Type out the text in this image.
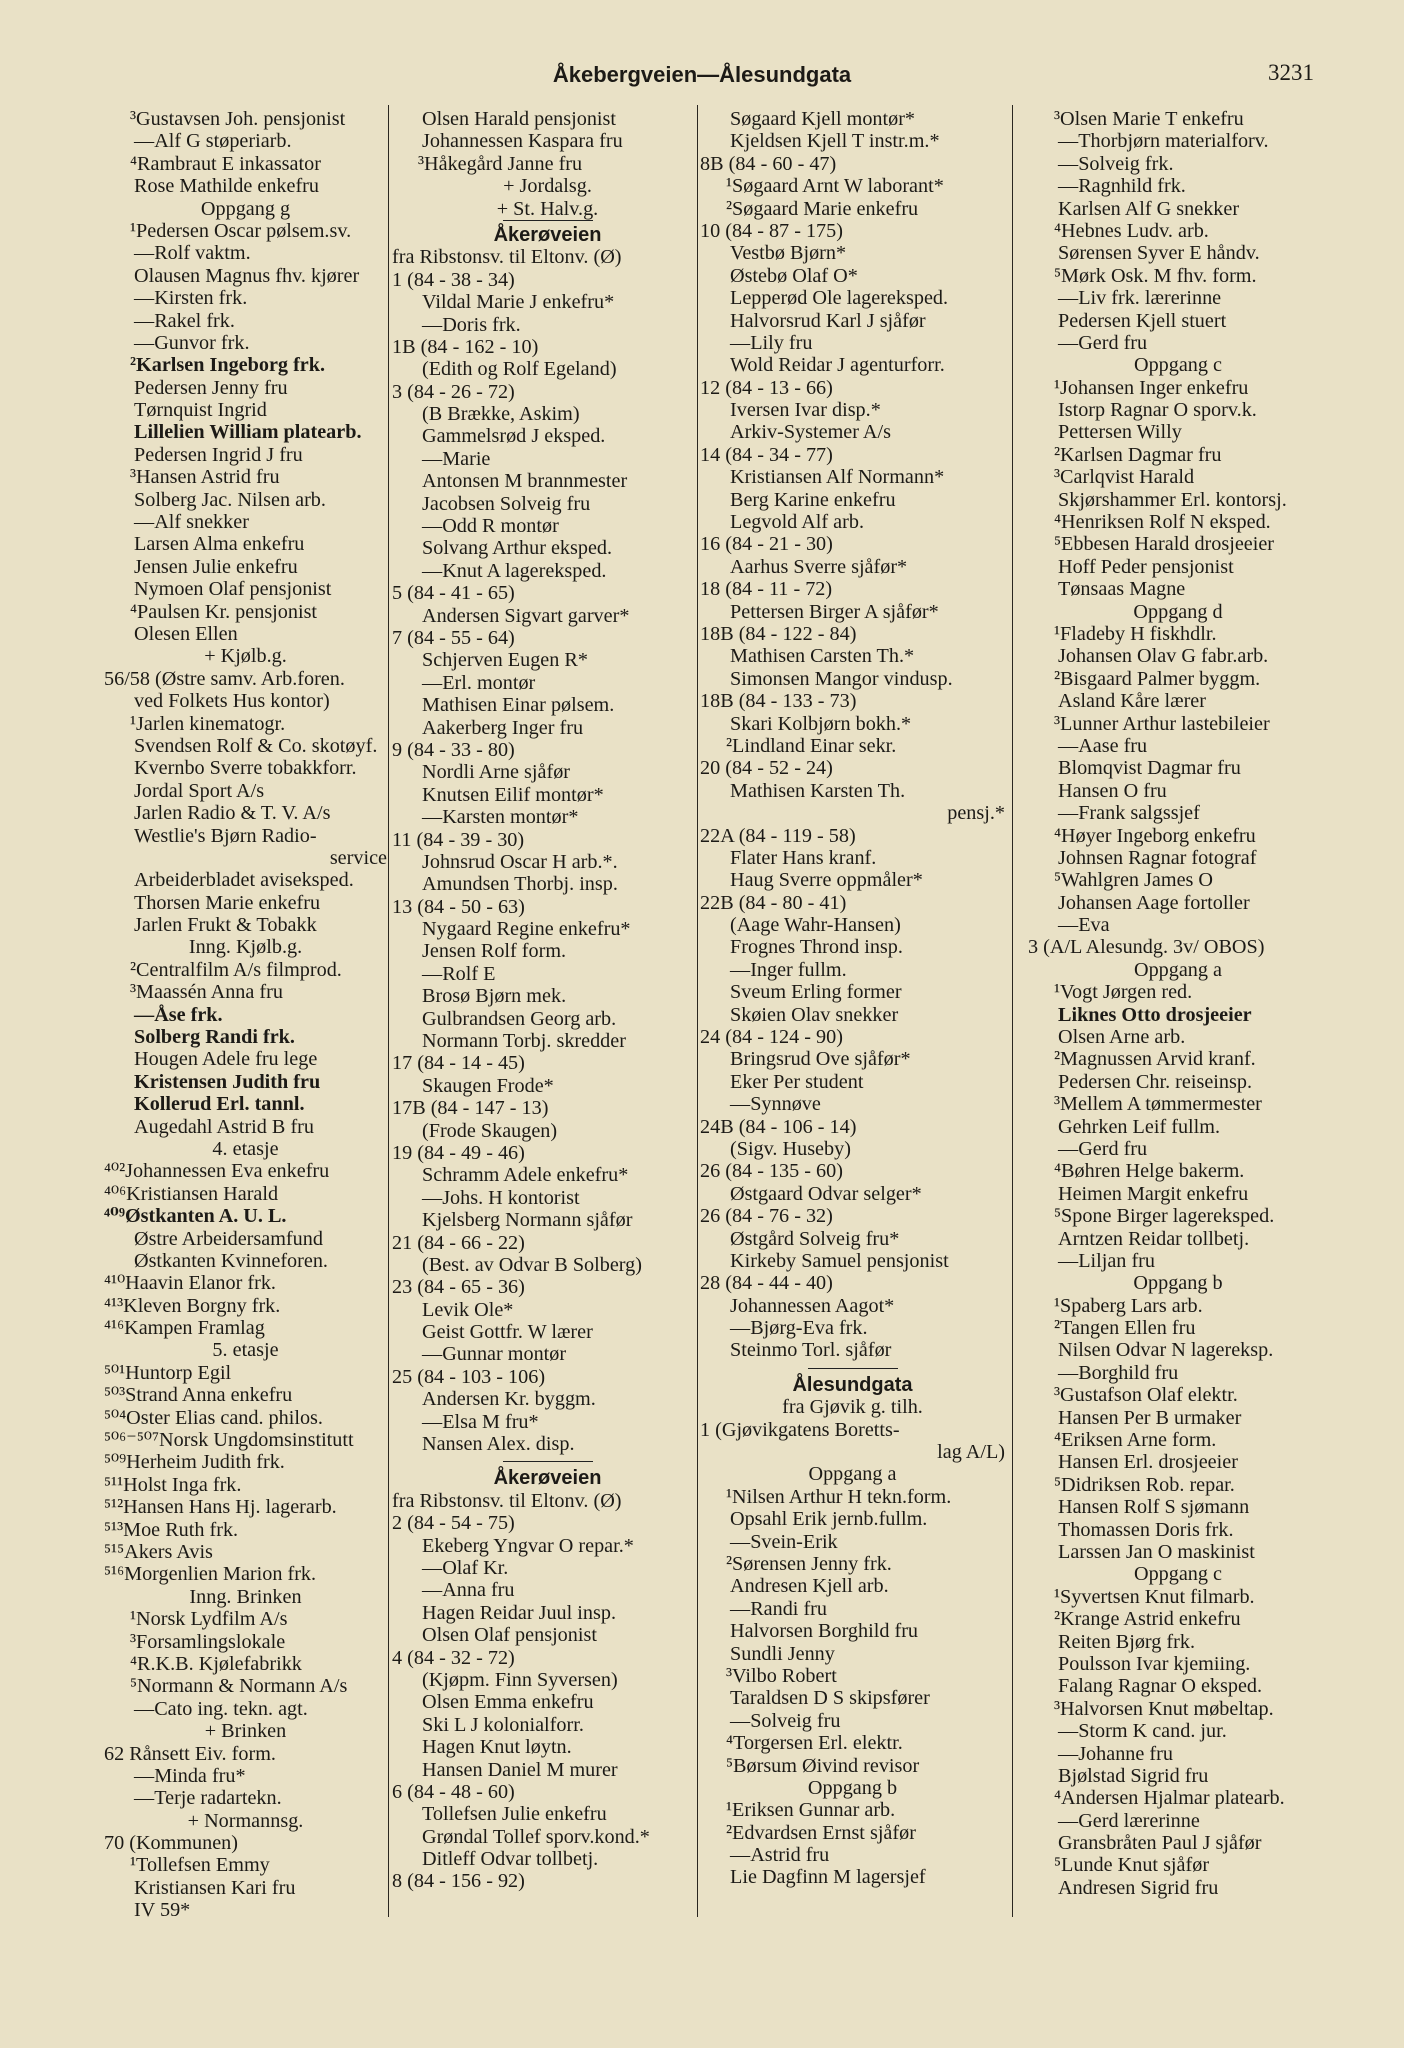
Åkebergveien—Ålesundgata	3231
³Gustavsen Joh. pensjonist
—Alf G støperiarb.
⁴Rambraut E inkassator
Rose Mathilde enkefru
Oppgang g
¹Pedersen Oscar pølsem.sv.
—Rolf vaktm.
Olausen Magnus fhv. kjører
—Kirsten frk.
—Rakel frk.
—Gunvor frk.
²Karlsen Ingeborg frk.
Pedersen Jenny fru
Tørnquist Ingrid
Lillelien William platearb.
Pedersen Ingrid J fru
³Hansen Astrid fru
Solberg Jac. Nilsen arb.
—Alf snekker
Larsen Alma enkefru
Jensen Julie enkefru
Nymoen Olaf pensjonist
⁴Paulsen Kr. pensjonist
Olesen Ellen
+ Kjølb.g.
56/58 (Østre samv. Arb.foren.
ved Folkets Hus kontor)
¹Jarlen kinematogr.
Svendsen Rolf & Co. skotøyf.
Kvernbo Sverre tobakkforr.
Jordal Sport A/s
Jarlen Radio & T. V. A/s
Westlie's Bjørn Radio-
service
Arbeiderbladet aviseksped.
Thorsen Marie enkefru
Jarlen Frukt & Tobakk
Inng. Kjølb.g.
²Centralfilm A/s filmprod.
³Maassén Anna fru
—Åse frk.
Solberg Randi frk.
Hougen Adele fru lege
Kristensen Judith fru
Kollerud Erl. tannl.
Augedahl Astrid B fru
4. etasje
⁴⁰²Johannessen Eva enkefru
⁴⁰⁶Kristiansen Harald
⁴⁰⁹Østkanten A. U. L.
Østre Arbeidersamfund
Østkanten Kvinneforen.
⁴¹⁰Haavin Elanor frk.
⁴¹³Kleven Borgny frk.
⁴¹⁶Kampen Framlag
5. etasje
⁵⁰¹Huntorp Egil
⁵⁰³Strand Anna enkefru
⁵⁰⁴Oster Elias cand. philos.
⁵⁰⁶⁻⁵⁰⁷Norsk Ungdomsinstitutt
⁵⁰⁹Herheim Judith frk.
⁵¹¹Holst Inga frk.
⁵¹²Hansen Hans Hj. lagerarb.
⁵¹³Moe Ruth frk.
⁵¹⁵Akers Avis
⁵¹⁶Morgenlien Marion frk.
Inng. Brinken
¹Norsk Lydfilm A/s
³Forsamlingslokale
⁴R.K.B. Kjølefabrikk
⁵Normann & Normann A/s
—Cato ing. tekn. agt.
+ Brinken
62 Rånsett Eiv. form.
—Minda fru*
—Terje radartekn.
+ Normannsg.
70 (Kommunen)
¹Tollefsen Emmy
Kristiansen Kari fru
IV 59*
Olsen Harald pensjonist
Johannessen Kaspara fru
³Håkegård Janne fru
+ Jordalsg.
+ St. Halv.g.
Åkerøveien
fra Ribstonsv. til Eltonv. (Ø)
1 (84 - 38 - 34)
Vildal Marie J enkefru*
—Doris frk.
1B (84 - 162 - 10)
(Edith og Rolf Egeland)
3 (84 - 26 - 72)
(B Brække, Askim)
Gammelsrød J eksped.
—Marie
Antonsen M brannmester
Jacobsen Solveig fru
—Odd R montør
Solvang Arthur eksped.
—Knut A lagereksped.
5 (84 - 41 - 65)
Andersen Sigvart garver*
7 (84 - 55 - 64)
Schjerven Eugen R*
—Erl. montør
Mathisen Einar pølsem.
Aakerberg Inger fru
9 (84 - 33 - 80)
Nordli Arne sjåfør
Knutsen Eilif montør*
—Karsten montør*
11 (84 - 39 - 30)
Johnsrud Oscar H arb.*.
Amundsen Thorbj. insp.
13 (84 - 50 - 63)
Nygaard Regine enkefru*
Jensen Rolf form.
—Rolf E
Brosø Bjørn mek.
Gulbrandsen Georg arb.
Normann Torbj. skredder
17 (84 - 14 - 45)
Skaugen Frode*
17B (84 - 147 - 13)
(Frode Skaugen)
19 (84 - 49 - 46)
Schramm Adele enkefru*
—Johs. H kontorist
Kjelsberg Normann sjåfør
21 (84 - 66 - 22)
(Best. av Odvar B Solberg)
23 (84 - 65 - 36)
Levik Ole*
Geist Gottfr. W lærer
—Gunnar montør
25 (84 - 103 - 106)
Andersen Kr. byggm.
—Elsa M fru*
Nansen Alex. disp.
Åkerøveien
fra Ribstonsv. til Eltonv. (Ø)
2 (84 - 54 - 75)
Ekeberg Yngvar O repar.*
—Olaf Kr.
—Anna fru
Hagen Reidar Juul insp.
Olsen Olaf pensjonist
4 (84 - 32 - 72)
(Kjøpm. Finn Syversen)
Olsen Emma enkefru
Ski L J kolonialforr.
Hagen Knut løytn.
Hansen Daniel M murer
6 (84 - 48 - 60)
Tollefsen Julie enkefru
Grøndal Tollef sporv.kond.*
Ditleff Odvar tollbetj.
8 (84 - 156 - 92)
Søgaard Kjell montør*
Kjeldsen Kjell T instr.m.*
8B (84 - 60 - 47)
¹Søgaard Arnt W laborant*
²Søgaard Marie enkefru
10 (84 - 87 - 175)
Vestbø Bjørn*
Østebø Olaf O*
Lepperød Ole lagereksped.
Halvorsrud Karl J sjåfør
—Lily fru
Wold Reidar J agenturforr.
12 (84 - 13 - 66)
Iversen Ivar disp.*
Arkiv-Systemer A/s
14 (84 - 34 - 77)
Kristiansen Alf Normann*
Berg Karine enkefru
Legvold Alf arb.
16 (84 - 21 - 30)
Aarhus Sverre sjåfør*
18 (84 - 11 - 72)
Pettersen Birger A sjåfør*
18B (84 - 122 - 84)
Mathisen Carsten Th.*
Simonsen Mangor vindusp.
18B (84 - 133 - 73)
Skari Kolbjørn bokh.*
²Lindland Einar sekr.
20 (84 - 52 - 24)
Mathisen Karsten Th.
pensj.*
22A (84 - 119 - 58)
Flater Hans kranf.
Haug Sverre oppmåler*
22B (84 - 80 - 41)
(Aage Wahr-Hansen)
Frognes Thrond insp.
—Inger fullm.
Sveum Erling former
Skøien Olav snekker
24 (84 - 124 - 90)
Bringsrud Ove sjåfør*
Eker Per student
—Synnøve
24B (84 - 106 - 14)
(Sigv. Huseby)
26 (84 - 135 - 60)
Østgaard Odvar selger*
26 (84 - 76 - 32)
Østgård Solveig fru*
Kirkeby Samuel pensjonist
28 (84 - 44 - 40)
Johannessen Aagot*
—Bjørg-Eva frk.
Steinmo Torl. sjåfør
Ålesundgata
fra Gjøvik g. tilh.
1 (Gjøvikgatens Boretts-
lag A/L)
Oppgang a
¹Nilsen Arthur H tekn.form.
Opsahl Erik jernb.fullm.
—Svein-Erik
²Sørensen Jenny frk.
Andresen Kjell arb.
—Randi fru
Halvorsen Borghild fru
Sundli Jenny
³Vilbo Robert
Taraldsen D S skipsfører
—Solveig fru
⁴Torgersen Erl. elektr.
⁵Børsum Øivind revisor
Oppgang b
¹Eriksen Gunnar arb.
²Edvardsen Ernst sjåfør
—Astrid fru
Lie Dagfinn M lagersjef
³Olsen Marie T enkefru
—Thorbjørn materialforv.
—Solveig frk.
—Ragnhild frk.
Karlsen Alf G snekker
⁴Hebnes Ludv. arb.
Sørensen Syver E håndv.
⁵Mørk Osk. M fhv. form.
—Liv frk. lærerinne
Pedersen Kjell stuert
—Gerd fru
Oppgang c
¹Johansen Inger enkefru
Istorp Ragnar O sporv.k.
Pettersen Willy
²Karlsen Dagmar fru
³Carlqvist Harald
Skjørshammer Erl. kontorsj.
⁴Henriksen Rolf N eksped.
⁵Ebbesen Harald drosjeeier
Hoff Peder pensjonist
Tønsaas Magne
Oppgang d
¹Fladeby H fiskhdlr.
Johansen Olav G fabr.arb.
²Bisgaard Palmer byggm.
Asland Kåre lærer
³Lunner Arthur lastebileier
—Aase fru
Blomqvist Dagmar fru
Hansen O fru
—Frank salgssjef
⁴Høyer Ingeborg enkefru
Johnsen Ragnar fotograf
⁵Wahlgren James O
Johansen Aage fortoller
—Eva
3 (A/L Alesundg. 3v/ OBOS)
Oppgang a
¹Vogt Jørgen red.
Liknes Otto drosjeeier
Olsen Arne arb.
²Magnussen Arvid kranf.
Pedersen Chr. reiseinsp.
³Mellem A tømmermester
Gehrken Leif fullm.
—Gerd fru
⁴Bøhren Helge bakerm.
Heimen Margit enkefru
⁵Spone Birger lagereksped.
Arntzen Reidar tollbetj.
—Liljan fru
Oppgang b
¹Spaberg Lars arb.
²Tangen Ellen fru
Nilsen Odvar N lagereksp.
—Borghild fru
³Gustafson Olaf elektr.
Hansen Per B urmaker
⁴Eriksen Arne form.
Hansen Erl. drosjeeier
⁵Didriksen Rob. repar.
Hansen Rolf S sjømann
Thomassen Doris frk.
Larssen Jan O maskinist
Oppgang c
¹Syvertsen Knut filmarb.
²Krange Astrid enkefru
Reiten Bjørg frk.
Poulsson Ivar kjemiing.
Falang Ragnar O eksped.
³Halvorsen Knut møbeltap.
—Storm K cand. jur.
—Johanne fru
Bjølstad Sigrid fru
⁴Andersen Hjalmar platearb.
—Gerd lærerinne
Gransbråten Paul J sjåfør
⁵Lunde Knut sjåfør
Andresen Sigrid fru
